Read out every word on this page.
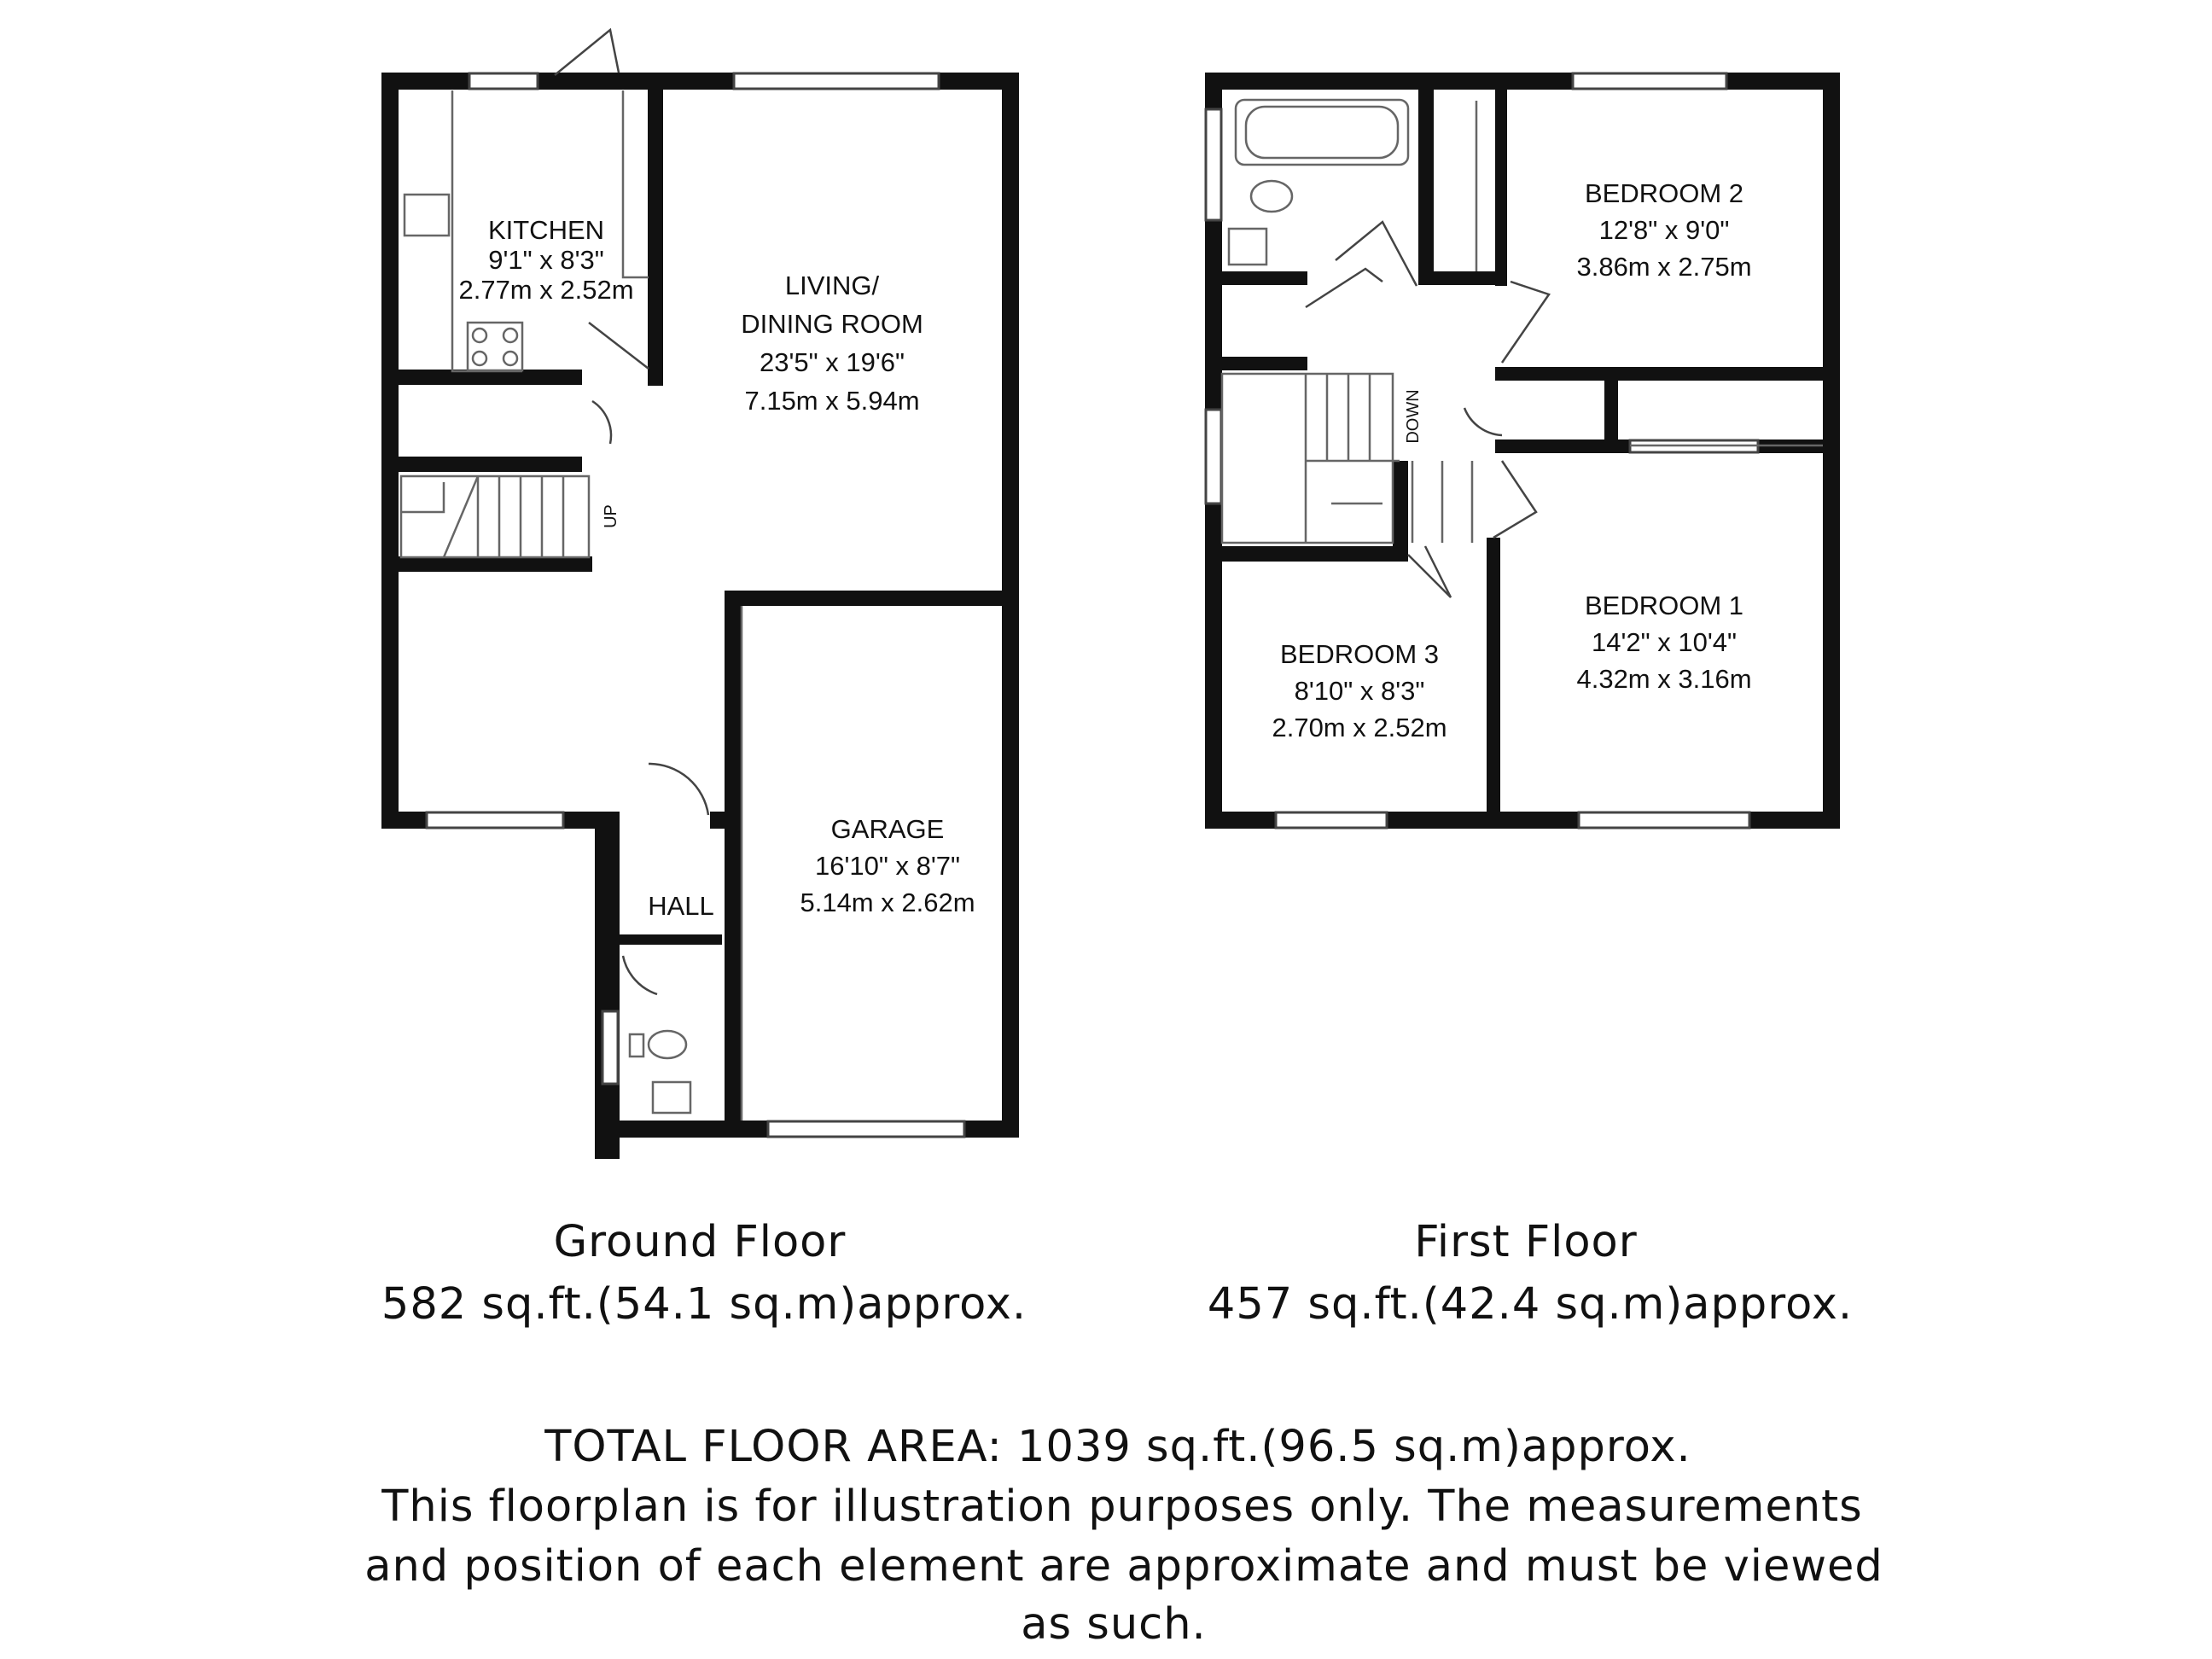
KITCHEN
9'1" x 8'3"
2.77m x 2.52m	LIVING/
DINING ROOM
23'5" x 19'6"
7.15m x 5.94m
GARAGE
16'10" x 8'7"
5.14m x 2.62m
HALL
UP
BEDROOM 2
12'8" x 9'0"
3.86m x 2.75m
BEDROOM 1
14'2" x 10'4"
4.32m x 3.16m
BEDROOM 3
8'10" x 8'3"
2.70m x 2.52m
DOWN
Ground Floor
582 sq.ft.(54.1 sq.m)approx.
First Floor
457 sq.ft.(42.4 sq.m)approx.
TOTAL FLOOR AREA: 1039 sq.ft.(96.5 sq.m)approx.
This floorplan is for illustration purposes only. The measurements
and position of each element are approximate and must be viewed
as such.
